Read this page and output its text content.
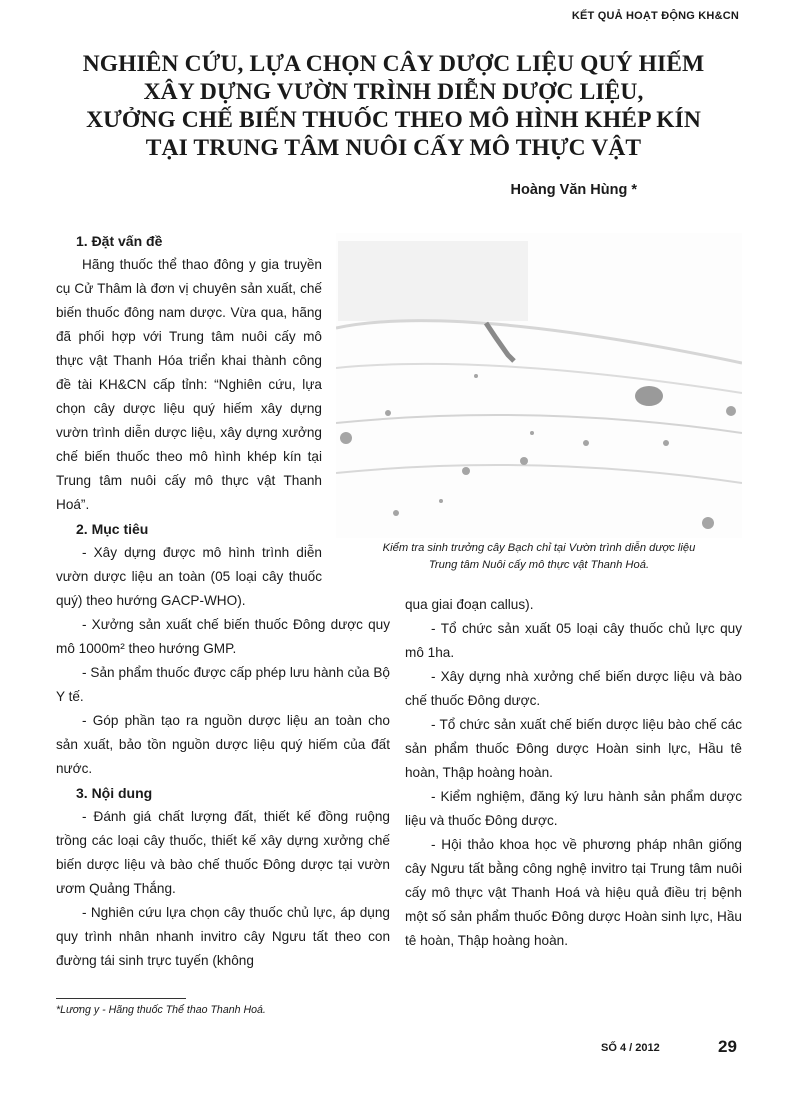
KẾT QUẢ HOẠT ĐỘNG KH&CN
NGHIÊN CỨU, LỰA CHỌN CÂY DƯỢC LIỆU QUÝ HIẾM
XÂY DỰNG VƯỜN TRÌNH DIỄN DƯỢC LIỆU,
XƯỞNG CHẾ BIẾN THUỐC THEO MÔ HÌNH KHÉP KÍN
TẠI TRUNG TÂM NUÔI CẤY MÔ THỰC VẬT
Hoàng Văn Hùng *
Kiểm tra sinh trưởng cây Bạch chỉ tại Vườn trình diễn dược liệu
Trung tâm Nuôi cấy mô thực vật Thanh Hoá.
1. Đặt vấn đề

Hãng thuốc thể thao đông y gia truyền cụ Cử Thâm là đơn vị chuyên sản xuất, chế biến thuốc đông nam dược. Vừa qua, hãng đã phối hợp với Trung tâm nuôi cấy mô thực vật Thanh Hóa triển khai thành công đề tài KH&CN cấp tỉnh: “Nghiên cứu, lựa chọn cây dược liệu quý hiếm xây dựng vườn trình diễn dược liệu, xây dựng xưởng chế biến thuốc theo mô hình khép kín tại Trung tâm nuôi cấy mô thực vật Thanh Hoá”.

2. Mục tiêu

- Xây dựng được mô hình trình diễn vườn dược liệu an toàn (05 loại cây thuốc quý) theo hướng GACP-WHO).

- Xưởng sản xuất chế biến thuốc Đông dược quy mô 1000m² theo hướng GMP.

- Sản phẩm thuốc được cấp phép lưu hành của Bộ Y tế.

- Góp phần tạo ra nguồn dược liệu an toàn cho sản xuất, bảo tồn nguồn dược liệu quý hiếm của đất nước.

3. Nội dung

- Đánh giá chất lượng đất, thiết kế đồng ruộng trồng các loại cây thuốc, thiết kế xây dựng xưởng chế biến dược liệu và bào chế thuốc Đông dược tại vườn ươm Quảng Thắng.

- Nghiên cứu lựa chọn cây thuốc chủ lực, áp dụng quy trình nhân nhanh invitro cây Ngưu tất theo con đường tái sinh trực tuyến (không

qua giai đoạn callus).

- Tổ chức sản xuất 05 loại cây thuốc chủ lực quy mô 1ha.

- Xây dựng nhà xưởng chế biến dược liệu và bào chế thuốc Đông dược.

- Tổ chức sản xuất chế biến dược liệu bào chế các sản phẩm thuốc Đông dược Hoàn sinh lực, Hầu tê hoàn, Thập hoàng hoàn.

- Kiểm nghiệm, đăng ký lưu hành sản phẩm dược liệu và thuốc Đông dược.

- Hội thảo khoa học về phương pháp nhân giống cây Ngưu tất bằng công nghệ invitro tại Trung tâm nuôi cấy mô thực vật Thanh Hoá và hiệu quả điều trị bệnh một số sản phẩm thuốc Đông dược Hoàn sinh lực, Hầu tê hoàn, Thập hoàng hoàn.

*Lương y - Hãng thuốc Thể thao Thanh Hoá.
SỐ 4 / 2012	29
